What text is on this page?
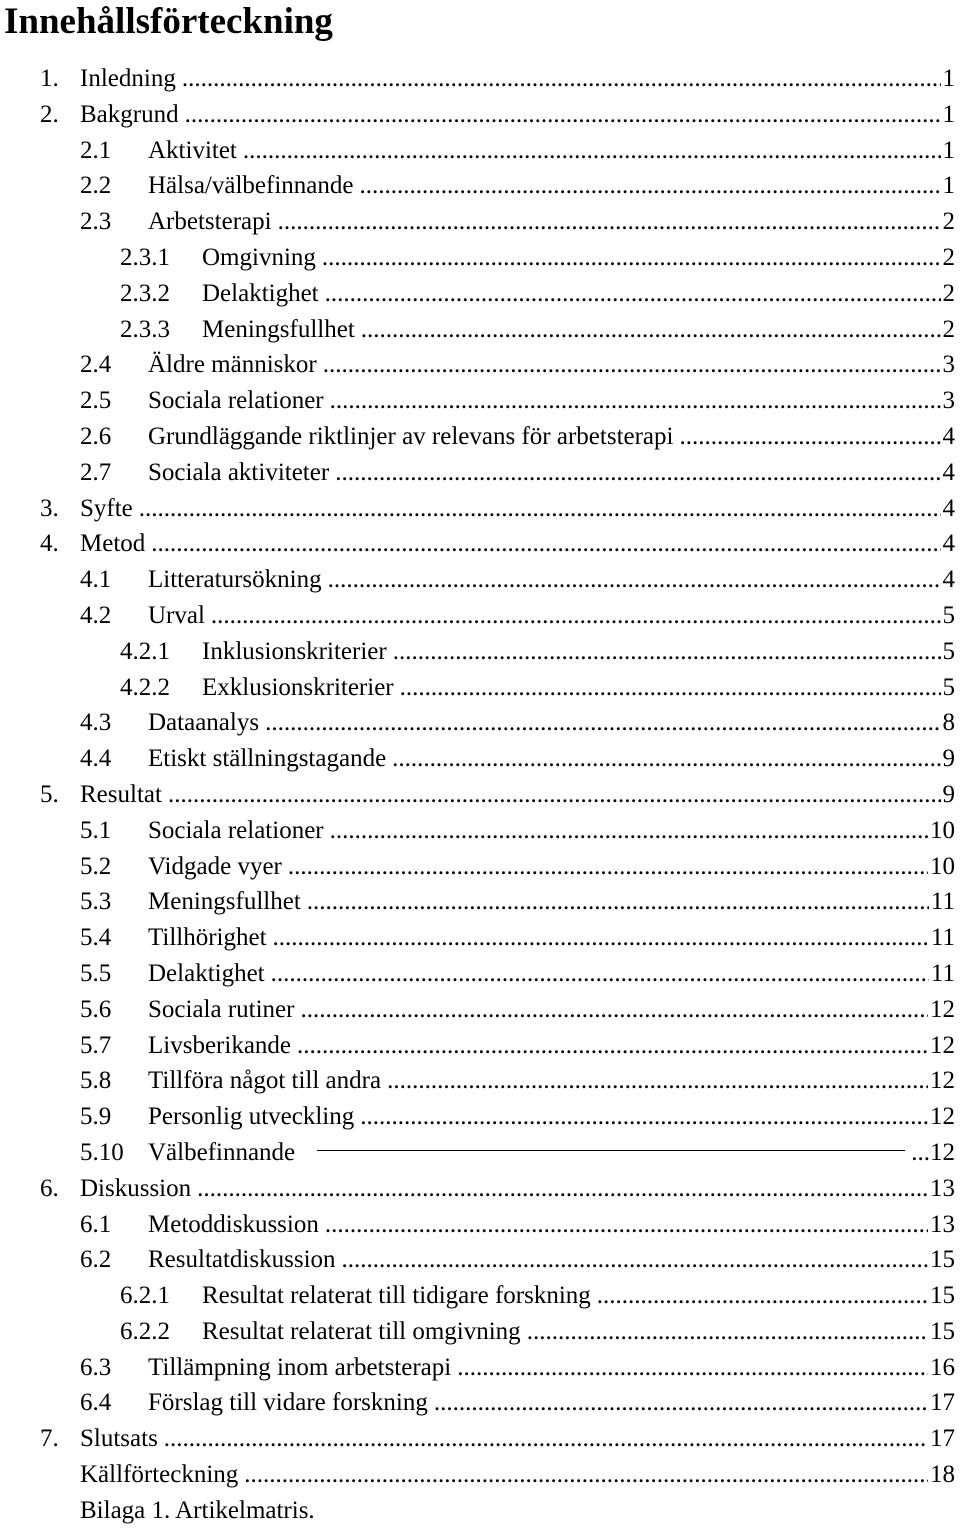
Innehållsförteckning
1. Inledning .....	1
2. Bakgrund .....	1
2.1 Aktivitet .....	1
2.2 Hälsa/välbefinnande .....	1
2.3 Arbetsterapi .....	2
2.3.1 Omgivning .....	2
2.3.2 Delaktighet .....	2
2.3.3 Meningsfullhet .....	2
2.4 Äldre människor .....	3
2.5 Sociala relationer .....	3
2.6 Grundläggande riktlinjer av relevans för arbetsterapi .....	4
2.7 Sociala aktiviteter .....	4
3. Syfte .....	4
4. Metod .....	4
4.1 Litteratursökning .....	4
4.2 Urval .....	5
4.2.1 Inklusionskriterier .....	5
4.2.2 Exklusionskriterier .....	5
4.3 Dataanalys .....	8
4.4 Etiskt ställningstagande .....	9
5. Resultat .....	9
5.1 Sociala relationer .....	10
5.2 Vidgade vyer .....	10
5.3 Meningsfullhet .....	11
5.4 Tillhörighet .....	11
5.5 Delaktighet .....	11
5.6 Sociala rutiner .....	12
5.7 Livsberikande .....	12
5.8 Tillföra något till andra .....	12
5.9 Personlig utveckling .....	12
5.10 Välbefinnande	...12
6. Diskussion .....	13
6.1 Metoddiskussion .....	13
6.2 Resultatdiskussion .....	15
6.2.1 Resultat relaterat till tidigare forskning .....	15
6.2.2 Resultat relaterat till omgivning .....	15
6.3 Tillämpning inom arbetsterapi .....	16
6.4 Förslag till vidare forskning .....	17
7. Slutsats .....	17
Källförteckning .....	18
Bilaga 1. Artikelmatris.
